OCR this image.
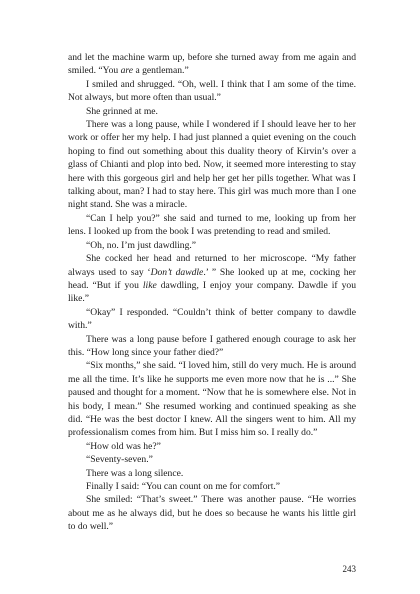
and let the machine warm up, before she turned away from me again and smiled. “You are a gentleman.”

I smiled and shrugged. “Oh, well. I think that I am some of the time. Not always, but more often than usual.”

She grinned at me.

There was a long pause, while I wondered if I should leave her to her work or offer her my help. I had just planned a quiet evening on the couch hoping to find out something about this duality theory of Kirvin’s over a glass of Chianti and plop into bed. Now, it seemed more interesting to stay here with this gorgeous girl and help her get her pills together. What was I talking about, man? I had to stay here. This girl was much more than I one night stand. She was a miracle.

“Can I help you?” she said and turned to me, looking up from her lens. I looked up from the book I was pretending to read and smiled.

“Oh, no. I’m just dawdling.”

She cocked her head and returned to her microscope. “My father always used to say ‘Don’t dawdle.’ ” She looked up at me, cocking her head. “But if you like dawdling, I enjoy your company. Dawdle if you like.”

“Okay” I responded. “Couldn’t think of better company to dawdle with.”

There was a long pause before I gathered enough courage to ask her this. “How long since your father died?”

“Six months,” she said. “I loved him, still do very much. He is around me all the time. It’s like he supports me even more now that he is ...” She paused and thought for a moment. “Now that he is somewhere else. Not in his body, I mean.” She resumed working and continued speaking as she did. “He was the best doctor I knew. All the singers went to him. All my professionalism comes from him. But I miss him so. I really do.”

“How old was he?”

“Seventy-seven.”

There was a long silence.

Finally I said: “You can count on me for comfort.”

She smiled: “That’s sweet.” There was another pause. “He worries about me as he always did, but he does so because he wants his little girl to do well.”

243
